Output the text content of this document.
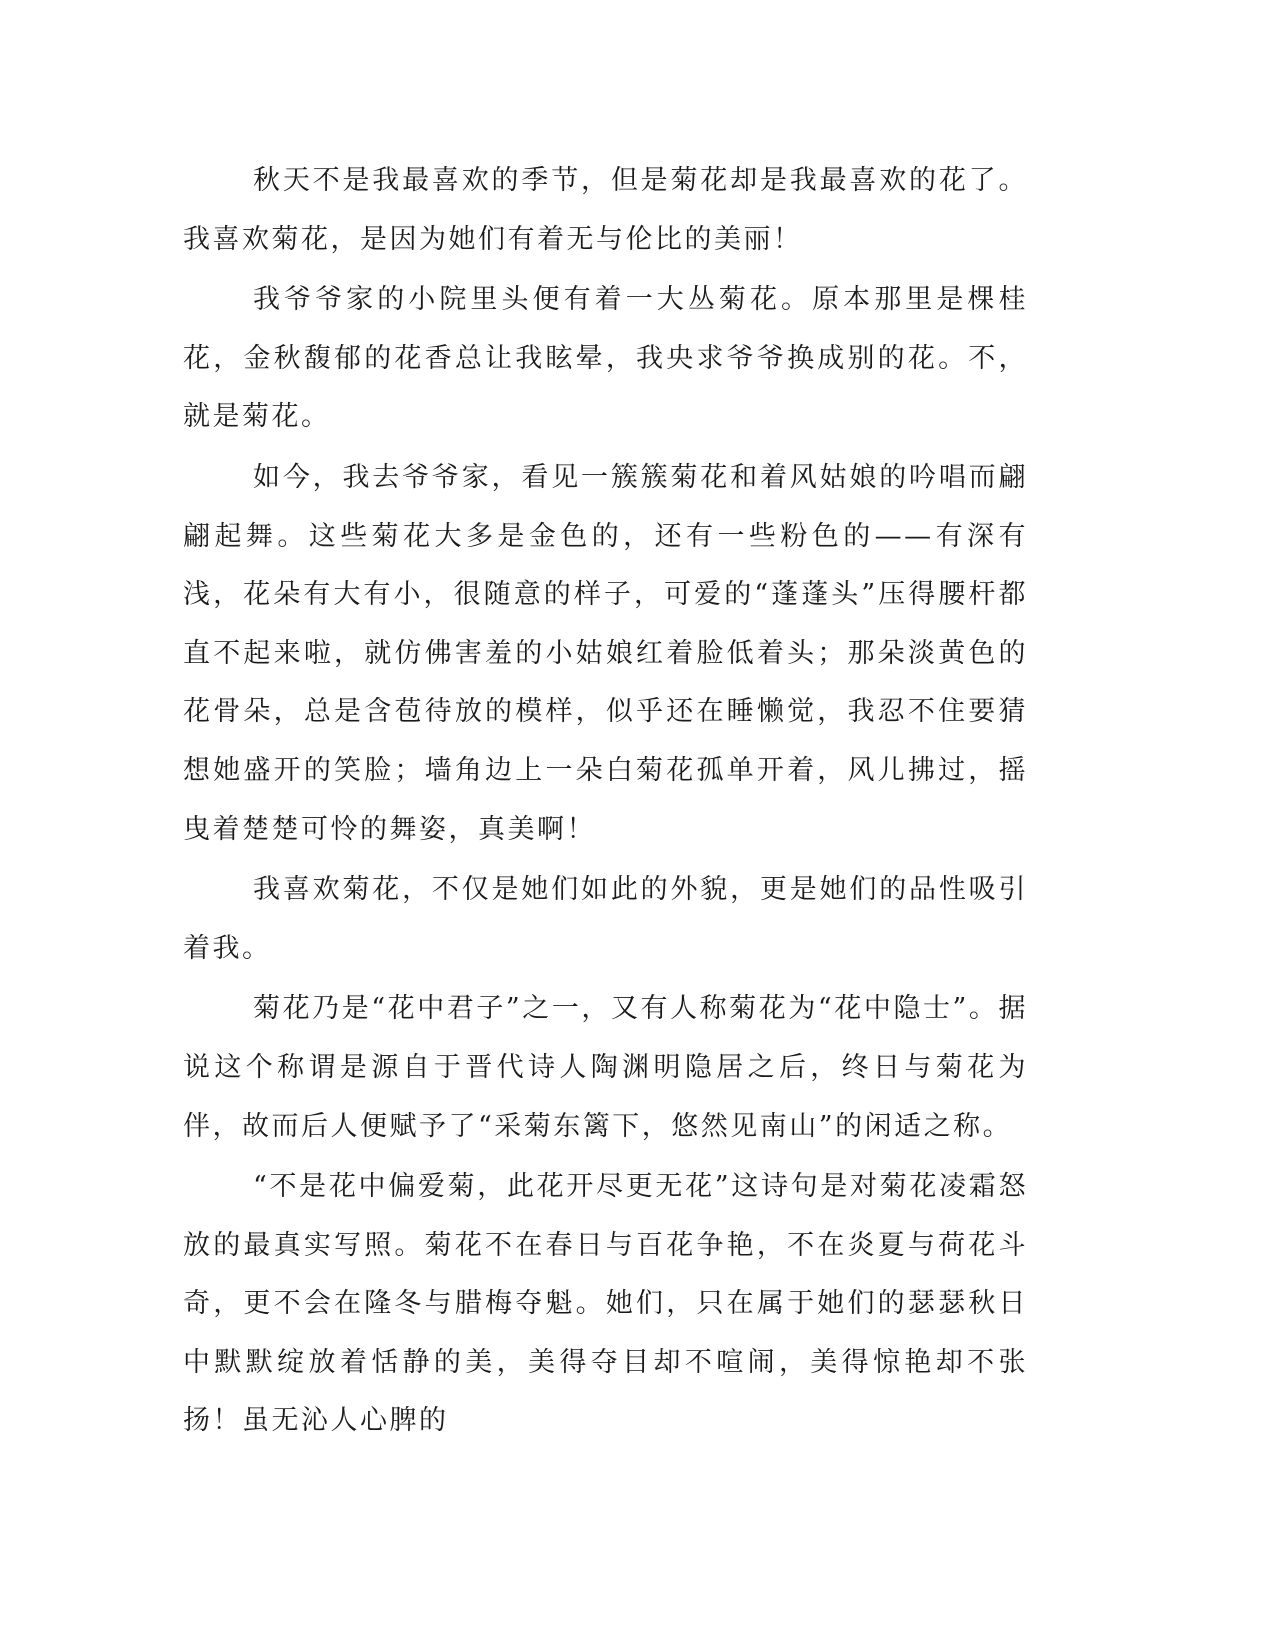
秋天不是我最喜欢的季节，但是菊花却是我最喜欢的花了。我喜欢菊花，是因为她们有着无与伦比的美丽！

我爷爷家的小院里头便有着一大丛菊花。原本那里是棵桂花，金秋馥郁的花香总让我眩晕，我央求爷爷换成别的花。不，就是菊花。

如今，我去爷爷家，看见一簇簇菊花和着风姑娘的吟唱而翩翩起舞。这些菊花大多是金色的，还有一些粉色的——有深有浅，花朵有大有小，很随意的样子，可爱的“蓬蓬头”压得腰杆都直不起来啦，就仿佛害羞的小姑娘红着脸低着头；那朵淡黄色的花骨朵，总是含苞待放的模样，似乎还在睡懒觉，我忍不住要猜想她盛开的笑脸；墙角边上一朵白菊花孤单开着，风儿拂过，摇曳着楚楚可怜的舞姿，真美啊！

我喜欢菊花，不仅是她们如此的外貌，更是她们的品性吸引着我。

菊花乃是“花中君子”之一，又有人称菊花为“花中隐士”。据说这个称谓是源自于晋代诗人陶渊明隐居之后，终日与菊花为伴，故而后人便赋予了“采菊东篱下，悠然见南山”的闲适之称。

“不是花中偏爱菊，此花开尽更无花”这诗句是对菊花凌霜怒放的最真实写照。菊花不在春日与百花争艳，不在炎夏与荷花斗奇，更不会在隆冬与腊梅夺魁。她们，只在属于她们的瑟瑟秋日中默默绽放着恬静的美，美得夺目却不喧闹，美得惊艳却不张扬！虽无沁人心脾的
